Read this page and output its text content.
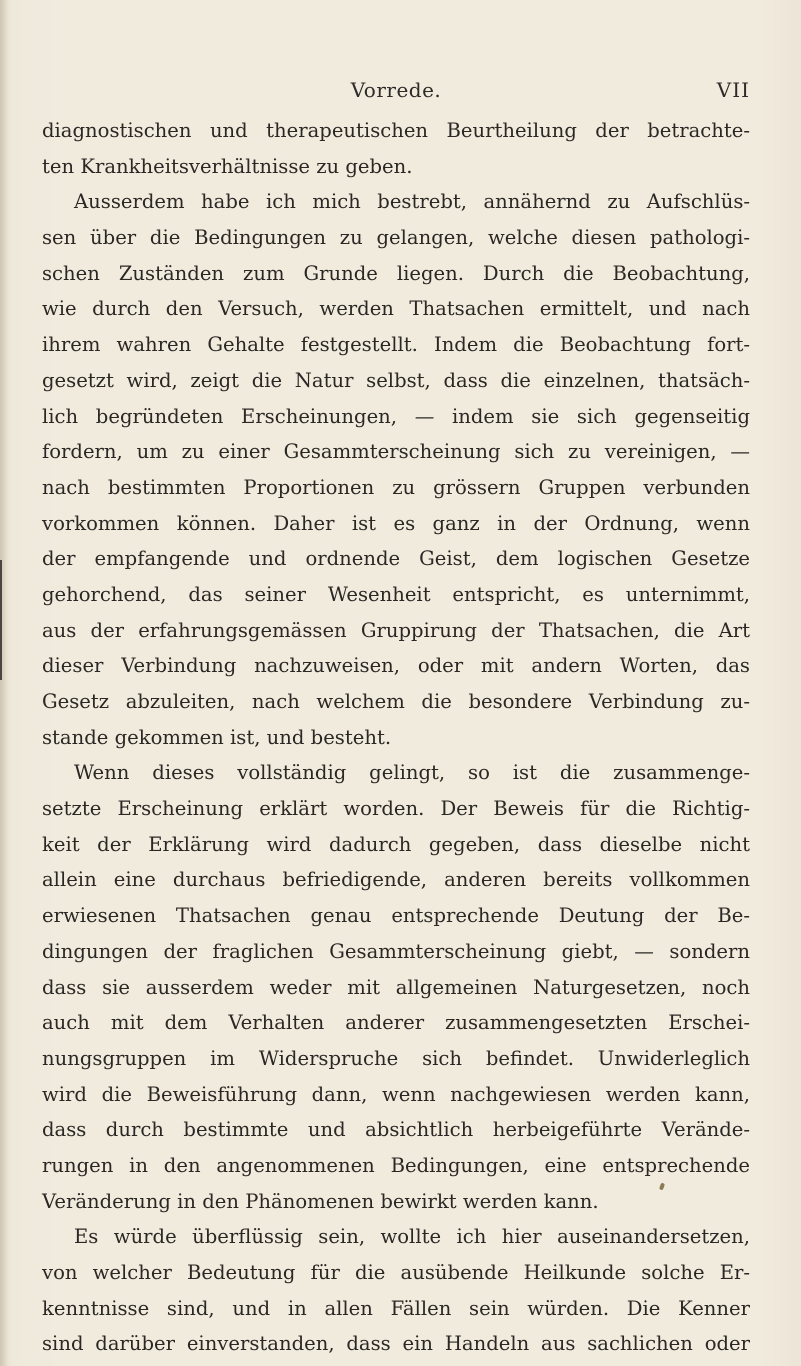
Vorrede.	VII
diagnostischen und therapeutischen Beurtheilung der betrachte-
ten Krankheitsverhältnisse zu geben.
Ausserdem habe ich mich bestrebt, annähernd zu Aufschlüs-
sen über die Bedingungen zu gelangen, welche diesen pathologi-
schen Zuständen zum Grunde liegen. Durch die Beobachtung,
wie durch den Versuch, werden Thatsachen ermittelt, und nach
ihrem wahren Gehalte festgestellt. Indem die Beobachtung fort-
gesetzt wird, zeigt die Natur selbst, dass die einzelnen, thatsäch-
lich begründeten Erscheinungen, — indem sie sich gegenseitig
fordern, um zu einer Gesammterscheinung sich zu vereinigen, —
nach bestimmten Proportionen zu grössern Gruppen verbunden
vorkommen können. Daher ist es ganz in der Ordnung, wenn
der empfangende und ordnende Geist, dem logischen Gesetze
gehorchend, das seiner Wesenheit entspricht, es unternimmt,
aus der erfahrungsgemässen Gruppirung der Thatsachen, die Art
dieser Verbindung nachzuweisen, oder mit andern Worten, das
Gesetz abzuleiten, nach welchem die besondere Verbindung zu-
stande gekommen ist, und besteht.
Wenn dieses vollständig gelingt, so ist die zusammenge-
setzte Erscheinung erklärt worden. Der Beweis für die Richtig-
keit der Erklärung wird dadurch gegeben, dass dieselbe nicht
allein eine durchaus befriedigende, anderen bereits vollkommen
erwiesenen Thatsachen genau entsprechende Deutung der Be-
dingungen der fraglichen Gesammterscheinung giebt, — sondern
dass sie ausserdem weder mit allgemeinen Naturgesetzen, noch
auch mit dem Verhalten anderer zusammengesetzten Erschei-
nungsgruppen im Widerspruche sich befindet. Unwiderleglich
wird die Beweisführung dann, wenn nachgewiesen werden kann,
dass durch bestimmte und absichtlich herbeigeführte Verände-
rungen in den angenommenen Bedingungen, eine entsprechende
Veränderung in den Phänomenen bewirkt werden kann.
Es würde überflüssig sein, wollte ich hier auseinandersetzen,
von welcher Bedeutung für die ausübende Heilkunde solche Er-
kenntnisse sind, und in allen Fällen sein würden. Die Kenner
sind darüber einverstanden, dass ein Handeln aus sachlichen oder
